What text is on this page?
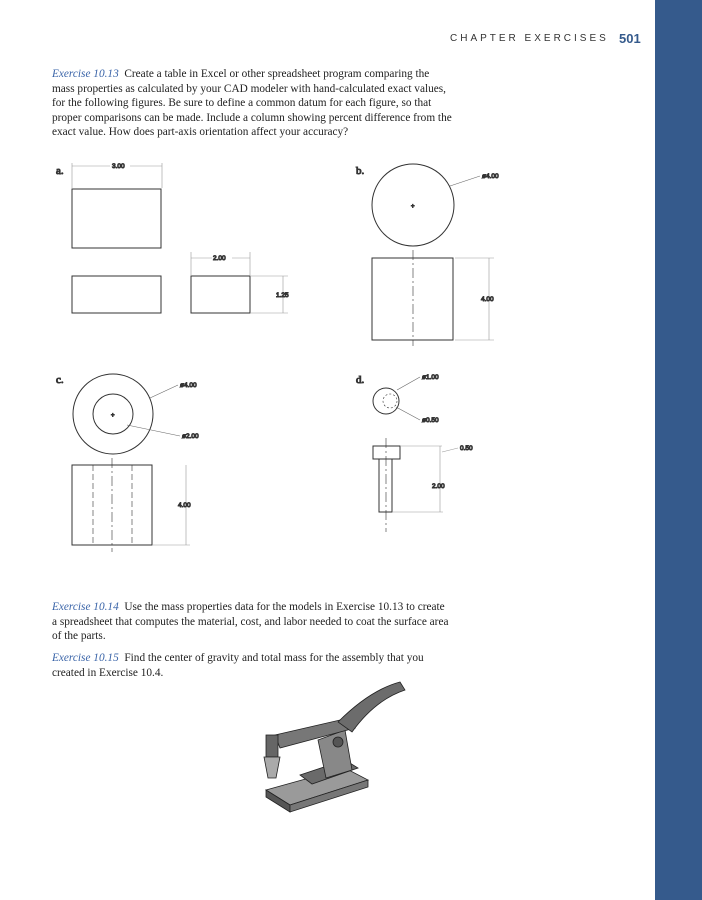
CHAPTER EXERCISES 501
Exercise 10.13 Create a table in Excel or other spreadsheet program comparing the mass properties as calculated by your CAD modeler with hand-calculated exact values, for the following figures. Be sure to define a common datum for each figure, so that proper comparisons can be made. Include a column showing percent difference from the exact value. How does part-axis orientation affect your accuracy?
Exercise 10.14 Use the mass properties data for the models in Exercise 10.13 to create a spreadsheet that computes the material, cost, and labor needed to coat the surface area of the parts.
Exercise 10.15 Find the center of gravity and total mass for the assembly that you created in Exercise 10.4.
a.	3.00
2.00
1.25
b.
+
ø4.00
4.00
c.
+
ø4.00
ø2.00
4.00
d.	ø1.00
ø0.50
0.50
2.00
